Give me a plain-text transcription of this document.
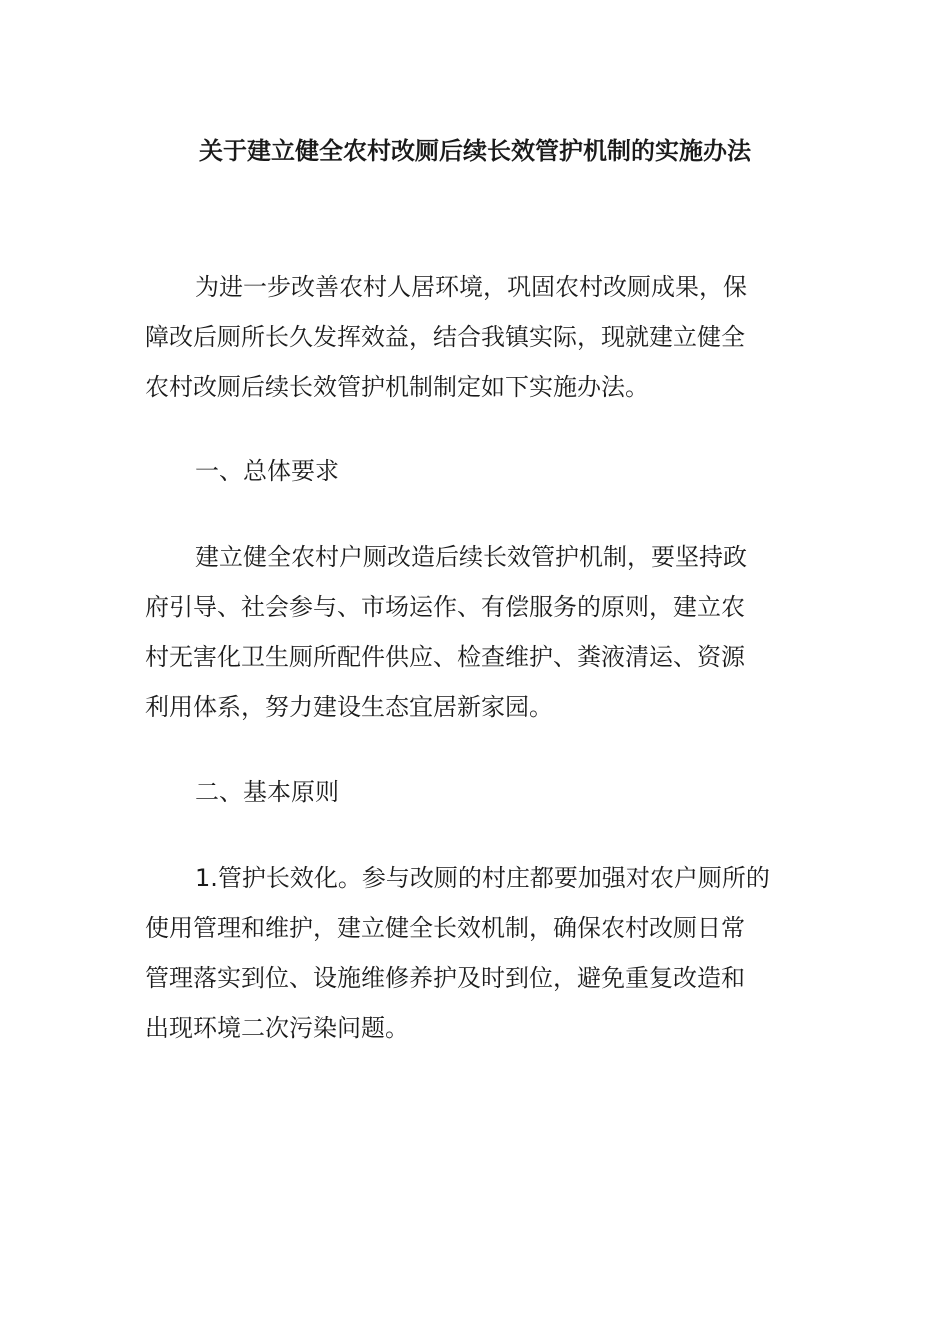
关于建立健全农村改厕后续长效管护机制的实施办法
为进一步改善农村人居环境，巩固农村改厕成果，保
障改后厕所长久发挥效益，结合我镇实际，现就建立健全
农村改厕后续长效管护机制制定如下实施办法。
一、总体要求
建立健全农村户厕改造后续长效管护机制，要坚持政
府引导、社会参与、市场运作、有偿服务的原则，建立农
村无害化卫生厕所配件供应、检查维护、粪液清运、资源
利用体系，努力建设生态宜居新家园。
二、基本原则
1.管护长效化。参与改厕的村庄都要加强对农户厕所的
使用管理和维护，建立健全长效机制，确保农村改厕日常
管理落实到位、设施维修养护及时到位，避免重复改造和
出现环境二次污染问题。
